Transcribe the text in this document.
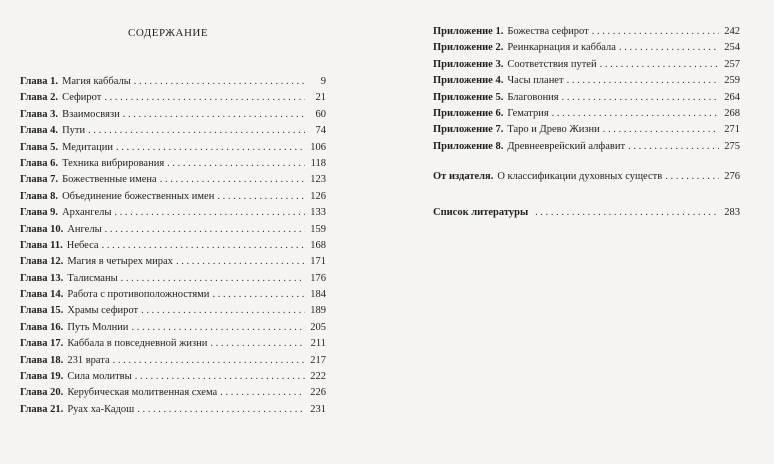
СОДЕРЖАНИЕ
Глава 1. Магия каббалы . . .	9
Глава 2. Сефирот . . .	21
Глава 3. Взаимосвязи . . .	60
Глава 4. Пути . . .	74
Глава 5. Медитации . . .	106
Глава 6. Техника вибрирования . . .	118
Глава 7. Божественные имена . . .	123
Глава 8. Объединение божественных имен . . .	126
Глава 9. Архангелы . . .	133
Глава 10. Ангелы . . .	159
Глава 11. Небеса . . .	168
Глава 12. Магия в четырех мирах . . .	171
Глава 13. Талисманы . . .	176
Глава 14. Работа с противоположностями . . .	184
Глава 15. Храмы сефирот . . .	189
Глава 16. Путь Молнии . . .	205
Глава 17. Каббала в повседневной жизни . . .	211
Глава 18. 231 врата . . .	217
Глава 19. Сила молитвы . . .	222
Глава 20. Керубическая молитвенная схема . . .	226
Глава 21. Руах ха-Кадош . . .	231
Приложение 1. Божества сефирот . . .	242
Приложение 2. Реинкарнация и каббала . . .	254
Приложение 3. Соответствия путей . . .	257
Приложение 4. Часы планет . . .	259
Приложение 5. Благовония . . .	264
Приложение 6. Гематрия . . .	268
Приложение 7. Таро и Древо Жизни . . .	271
Приложение 8. Древнееврейский алфавит . . .	275
От издателя. О классификации духовных существ . . .	276
Список литературы . . .	283
